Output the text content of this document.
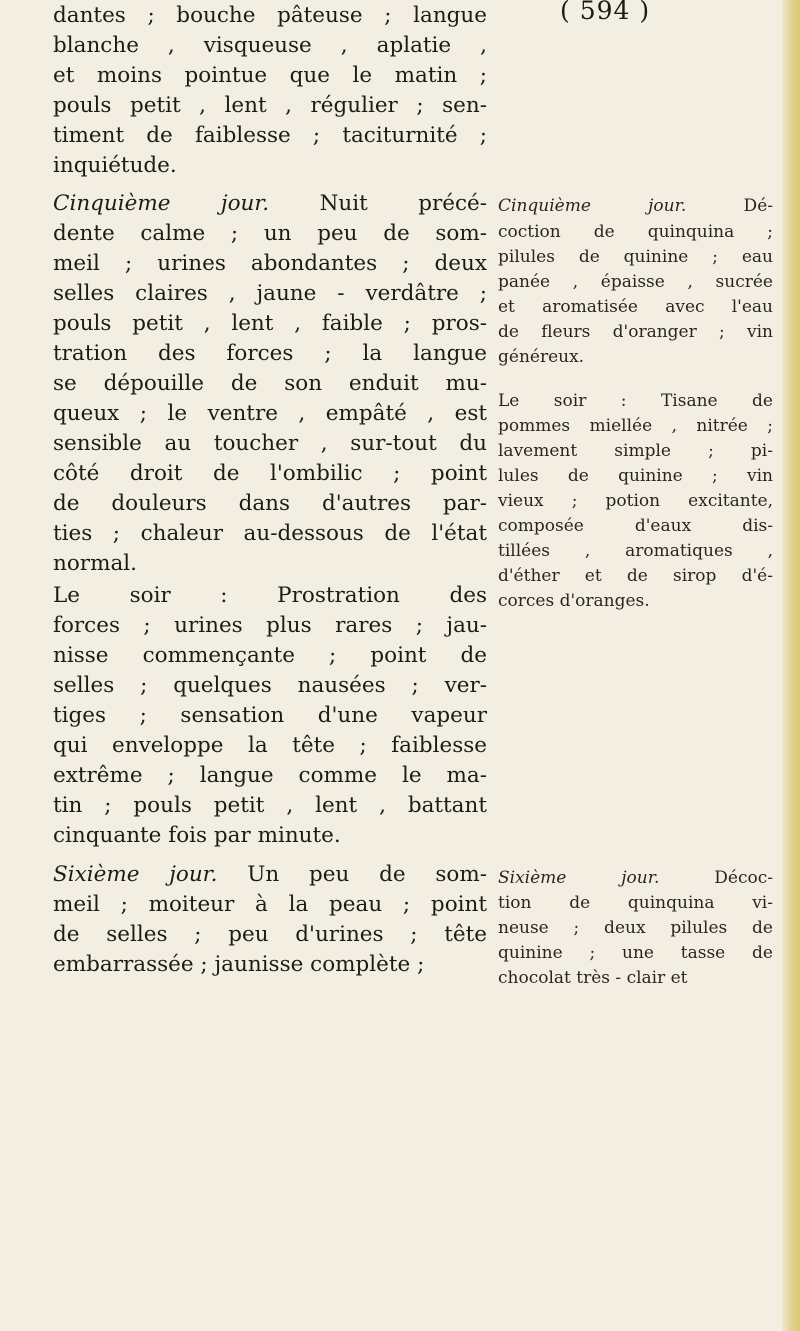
( 594 )
dantes ; bouche pâteuse ; langue
blanche , visqueuse , aplatie ,
et moins pointue que le matin ;
pouls petit , lent , régulier ; sen-
timent de faiblesse ; taciturnité ;
inquiétude.
Cinquième jour. Nuit précé-
dente calme ; un peu de som-
meil ; urines abondantes ; deux
selles claires , jaune - verdâtre ;
pouls petit , lent , faible ; pros-
tration des forces ; la langue
se dépouille de son enduit mu-
queux ; le ventre , empâté , est
sensible au toucher , sur-tout du
côté droit de l'ombilic ; point
de douleurs dans d'autres par-
ties ; chaleur au-dessous de l'état
normal.
Le soir : Prostration des
forces ; urines plus rares ; jau-
nisse commençante ; point de
selles ; quelques nausées ; ver-
tiges ; sensation d'une vapeur
qui enveloppe la tête ; faiblesse
extrême ; langue comme le ma-
tin ; pouls petit , lent , battant
cinquante fois par minute.
Sixième jour. Un peu de som-
meil ; moiteur à la peau ; point
de selles ; peu d'urines ; tête
embarrassée ; jaunisse complète ;
Cinquième jour. Dé-
coction de quinquina ;
pilules de quinine ; eau
panée , épaisse , sucrée
et aromatisée avec l'eau
de fleurs d'oranger ; vin
généreux.
Le soir : Tisane de
pommes miellée , nitrée ;
lavement simple ; pi-
lules de quinine ; vin
vieux ; potion excitante,
composée d'eaux dis-
tillées , aromatiques ,
d'éther et de sirop d'é-
corces d'oranges.
Sixième jour. Décoc-
tion de quinquina vi-
neuse ; deux pilules de
quinine ; une tasse de
chocolat très - clair et
